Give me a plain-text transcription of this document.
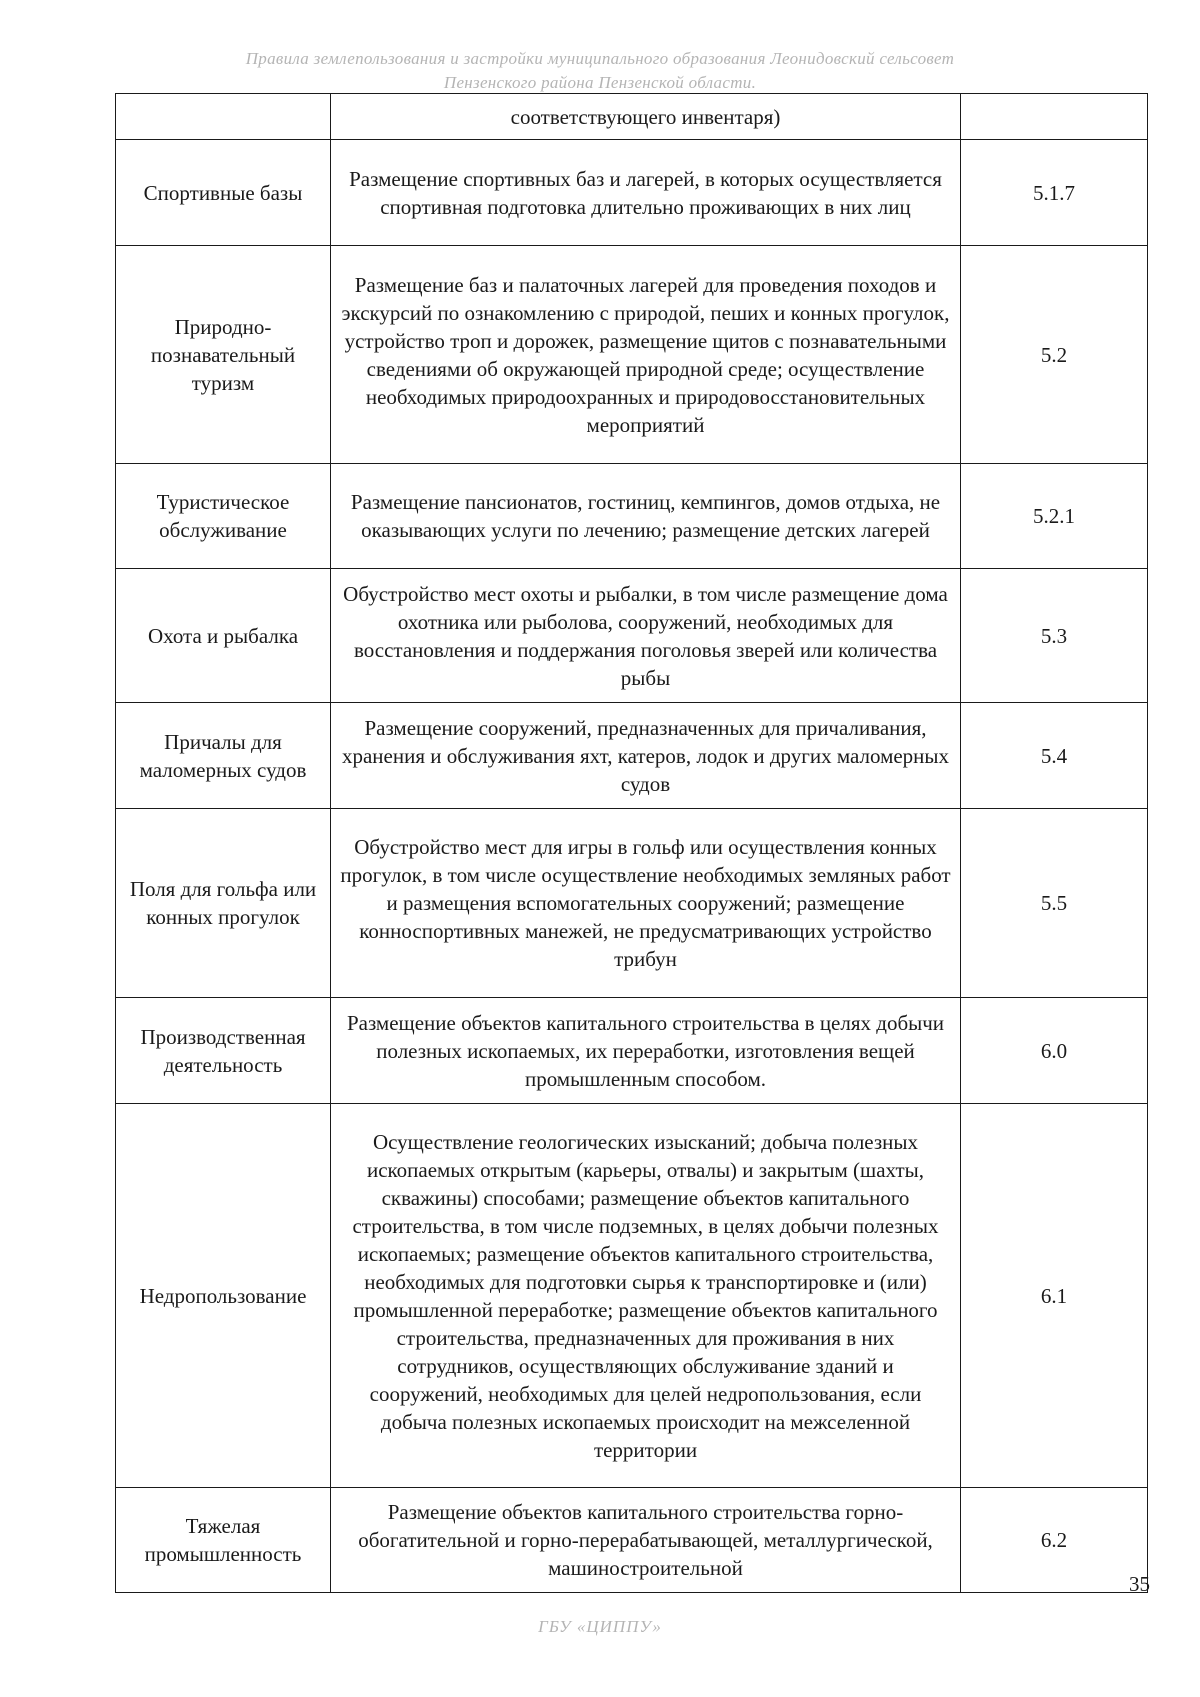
Правила землепользования и застройки муниципального образования Леонидовский сельсовет
Пензенского района Пензенской области.
	соответствующего инвентаря)	
Спортивные базы	Размещение спортивных баз и лагерей, в которых осуществляется спортивная подготовка длительно проживающих в них лиц	5.1.7
Природно-познавательный туризм	Размещение баз и палаточных лагерей для проведения походов и экскурсий по ознакомлению с природой, пеших и конных прогулок, устройство троп и дорожек, размещение щитов с познавательными сведениями об окружающей природной среде; осуществление необходимых природоохранных и природовосстановительных мероприятий	5.2
Туристическое обслуживание	Размещение пансионатов, гостиниц, кемпингов, домов отдыха, не оказывающих услуги по лечению; размещение детских лагерей	5.2.1
Охота и рыбалка	Обустройство мест охоты и рыбалки, в том числе размещение дома охотника или рыболова, сооружений, необходимых для восстановления и поддержания поголовья зверей или количества рыбы	5.3
Причалы для маломерных судов	Размещение сооружений, предназначенных для причаливания, хранения и обслуживания яхт, катеров, лодок и других маломерных судов	5.4
Поля для гольфа или конных прогулок	Обустройство мест для игры в гольф или осуществления конных прогулок, в том числе осуществление необходимых земляных работ и размещения вспомогательных сооружений; размещение конноспортивных манежей, не предусматривающих устройство трибун	5.5
Производственная деятельность	Размещение объектов капитального строительства в целях добычи полезных ископаемых, их переработки, изготовления вещей промышленным способом.	6.0
Недропользование	Осуществление геологических изысканий; добыча полезных ископаемых открытым (карьеры, отвалы) и закрытым (шахты, скважины) способами; размещение объектов капитального строительства, в том числе подземных, в целях добычи полезных ископаемых; размещение объектов капитального строительства, необходимых для подготовки сырья к транспортировке и (или) промышленной переработке; размещение объектов капитального строительства, предназначенных для проживания в них сотрудников, осуществляющих обслуживание зданий и сооружений, необходимых для целей недропользования, если добыча полезных ископаемых происходит на межселенной территории	6.1
Тяжелая промышленность	Размещение объектов капитального строительства горно-обогатительной и горно-перерабатывающей, металлургической, машиностроительной	6.2
35
ГБУ «ЦИППУ»
